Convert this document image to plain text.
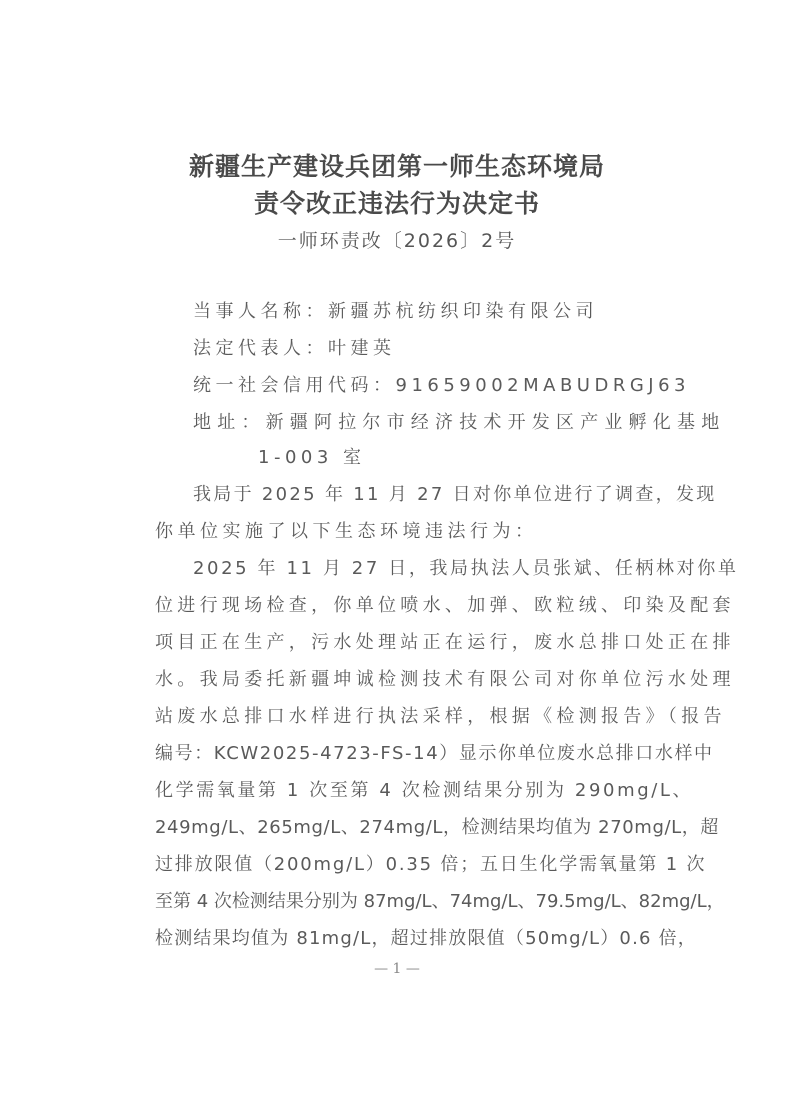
新疆生产建设兵团第一师生态环境局
责令改正违法行为决定书
一师环责改〔2026〕2号
当事人名称：新疆苏杭纺织印染有限公司
法定代表人：叶建英
统一社会信用代码：91659002MABUDRGJ63
地址：新疆阿拉尔市经济技术开发区产业孵化基地
1-003 室
我局于 2025 年 11 月 27 日对你单位进行了调查，发现
你单位实施了以下生态环境违法行为：
2025 年 11 月 27 日，我局执法人员张斌、任柄林对你单
位进行现场检查，你单位喷水、加弹、欧粒绒、印染及配套
项目正在生产，污水处理站正在运行，废水总排口处正在排
水。我局委托新疆坤诚检测技术有限公司对你单位污水处理
站废水总排口水样进行执法采样，根据《检测报告》（报告
编号：KCW2025-4723-FS-14）显示你单位废水总排口水样中
化学需氧量第 1 次至第 4 次检测结果分别为 290mg/L、
249mg/L、265mg/L、274mg/L，检测结果均值为 270mg/L，超
过排放限值（200mg/L）0.35 倍；五日生化学需氧量第 1 次
至第 4 次检测结果分别为 87mg/L、74mg/L、79.5mg/L、82mg/L，
检测结果均值为 81mg/L，超过排放限值（50mg/L）0.6 倍，
— 1 —
